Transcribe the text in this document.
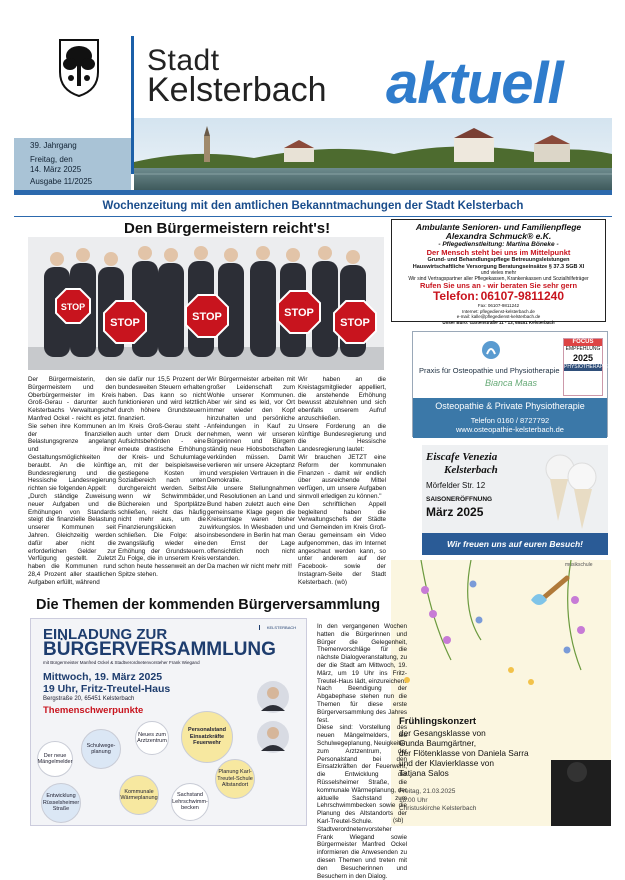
Stadt
Kelsterbach aktuell
39. Jahrgang
Freitag, den
14. März 2025
Ausgabe 11/2025
Wochenzeitung mit den amtlichen Bekanntmachungen der Stadt Kelsterbach
Den Bürgermeistern reicht's!
STOP
STOP	STOP	STOP
STOP
Der Bürgermeisterin, den Bürgermeistern und den Oberbürgermeister im Kreis Groß-Gerau - darunter auch Kelsterbachs Verwaltungschef Manfred Ockel - reicht es jetzt. Sie sehen ihre Kommunen an der finanziellen Belastungsgrenze angelangt und ihrer Gestaltungsmöglichkeiten beraubt. An die künftige Bundesregierung und die Hessische Landesregierung richten sie folgenden Appell:
„Durch ständige Zuweisung neuer Aufgaben und die Erhöhungen von Standards steigt die finanzielle Belastung unserer Kommunen seit Jahren. Gleichzeitig werden dafür aber nicht die erforderlichen Gelder zur Verfügung gestellt. Zuletzt haben die Kommunen rund 28,4 Prozent aller staatlichen Aufgaben erfüllt, während
sie dafür nur 15,5 Prozent der bundesweiten Steuern erhalten haben. Das kann so nicht funktionieren und wird letztlich durch höhere Grundsteuern finanziert.
Im Kreis Groß-Gerau steht - auch unter dem Druck der Aufsichtsbehörden - eine erneute drastische Erhöhung der Kreis- und Schulumlage an, mit der beispielsweise gestiegene Kosten im Sozialbereich nach unten durchgereicht werden. Selbst wenn wir Schwimmbäder, Büchereien und Sportplätze schließen, reicht das häufig nicht mehr aus, um die Finanzierungslücken zu schließen. Die Folge: also zwangsläufig wieder eine Erhöhung der Grundsteuern. Zu Folge, die in unserem Kreis schon heute hessenweit an der Spitze stehen.
Wir Bürgermeister arbeiten mit großer Leidenschaft zum Wohle unserer Kommunen. Aber wir sind es leid, vor Ort immer wieder den Kopf hinzuhalten und persönliche Anfeindungen in Kauf zu nehmen, wenn wir unseren Bürgerinnen und Bürgern ständig neue Hiobsbotschaften verkünden müssen. Damit verlieren wir unsere Akzeptanz und verspielen Vertrauen in die Demokratie.
Alle unsere Stellungnahmen und Resolutionen an Land und Bund haben zuletzt auch eine gemeinsame Klage gegen die Kreisumlage waren bisher wirkungslos. In Wiesbaden und insbesondere in Berlin hat man den Ernst der Lage offensichtlich noch nicht verstanden.
Da machen wir nicht mehr mit!
Wir haben an die Kreistagsmitglieder appelliert, die anstehende Erhöhung bewusst abzulehnen und sich ebenfalls unserem Aufruf anzuschließen.
Unsere Forderung an die künftige Bundesregierung und die Hessische Landesregierung lautet:
Wir brauchen JETZT eine Reform der kommunalen Finanzen - damit wir endlich über ausreichende Mittel verfügen, um unsere Aufgaben sinnvoll erledigen zu können."
Den schriftlichen Appell begleitend haben die Verwaltungschefs der Städte und Gemeinden im Kreis Groß-Gerau gemeinsam ein Video aufgenommen, das im Internet angeschaut werden kann, so unter anderem auf der Facebook- sowie der Instagram-Seite der Stadt Kelsterbach. (wö)
Ambulante Senioren- und Familienpflege
Alexandra Schmuck® e.K.
- Pflegedienstleitung: Martina Böneke -
Der Mensch steht bei uns im Mittelpunkt
Grund- und Behandlungspflege Betreuungsleistungen
Hauswirtschaftliche Versorgung Beratungseinsätze § 37.3 SGB XI
und vieles mehr
Wir sind Vertragspartner aller Pflegekassen, Krankenkassen und Sozialhilfeträger
Rufen Sie uns an - wir beraten Sie sehr gern
Telefon: 06107-9811240
Fax: 06107-9811242
Internet: pflegedienst-kelsterbach.de
e-mail: kalle@pflegedienst-kelsterbach.de
Unser Büro: Gartenstraße 11 - 13, 65451 Kelsterbach
Praxis für Osteopathie und Physiotherapie
Bianca Maas
FOCUS
EMPFEHLUNG
2025
PHYSIOTHERAPIE
Osteopathie & Private Physiotherapie
Telefon 0160 / 8727792
www.osteopathie-kelsterbach.de
Eiscafe Venezia
Kelsterbach
Mörfelder Str. 12
SAISONERÖFFNUNG
März 2025
Wir freuen uns auf euren Besuch!
musikschule
Frühlingskonzert
der Gesangsklasse von
Gunda Baumgärtner,
der Flötenklasse von Daniela Sarra
und der Klavierklasse von
Tatjana Salos
Freitag, 21.03.2025
18:00 Uhr
Christuskirche Kelsterbach
Die Themen der kommenden Bürgerversammlung
EINLADUNG ZUR
BÜRGERVERSAMMLUNG
mit Bürgermeister Manfred Ockel & Stadtverordnetenvorsteher Frank Wiegand
KELSTERBACH
Mittwoch, 19. März 2025
19 Uhr, Fritz-Treutel-Haus
Bergstraße 20, 65451 Kelsterbach
Themenschwerpunkte
Der neue Mängelmelder
Schulwege-planung
Neues zum Arztzentrum
Personalstand Einsatzkräfte Feuerwehr
Entwicklung Rüsselsheimer Straße
Kommunale Wärmeplanung	Sachstand Lehrschwimm-becken
Planung Karl-Treutel-Schule Altstandort
In den vergangenen Wochen hatten die Bürgerinnen und Bürger die Gelegenheit, Themenvorschläge für die nächste Dialogveranstaltung, zu der die Stadt am Mittwoch, 19. März, um 19 Uhr ins Fritz-Treutel-Haus lädt, einzureichen.
Nach Beendigung der Abgabephase stehen nun die Themen für diese erste Bürgerversammlung des Jahres fest.
Diese sind: Vorstellung des neuen Mängelmelders, die Schulwegeplanung, Neuigkeiten zum Arztzentrum, der Personalstand bei den Einsatzkräften der Feuerwehr, die Entwicklung der Rüsselsheimer Straße, die kommunale Wärmeplanung, der aktuelle Sachstand zum Lehrschwimmbecken sowie die Planung des Altstandorts der Karl-Treutel-Schule.
Stadtverordnetenvorsteher Frank Wiegand sowie Bürgermeister Manfred Ockel informieren die Anwesenden zu diesen Themen und treten mit den Besucherinnen und Besuchern in den Dialog.
(sb)
